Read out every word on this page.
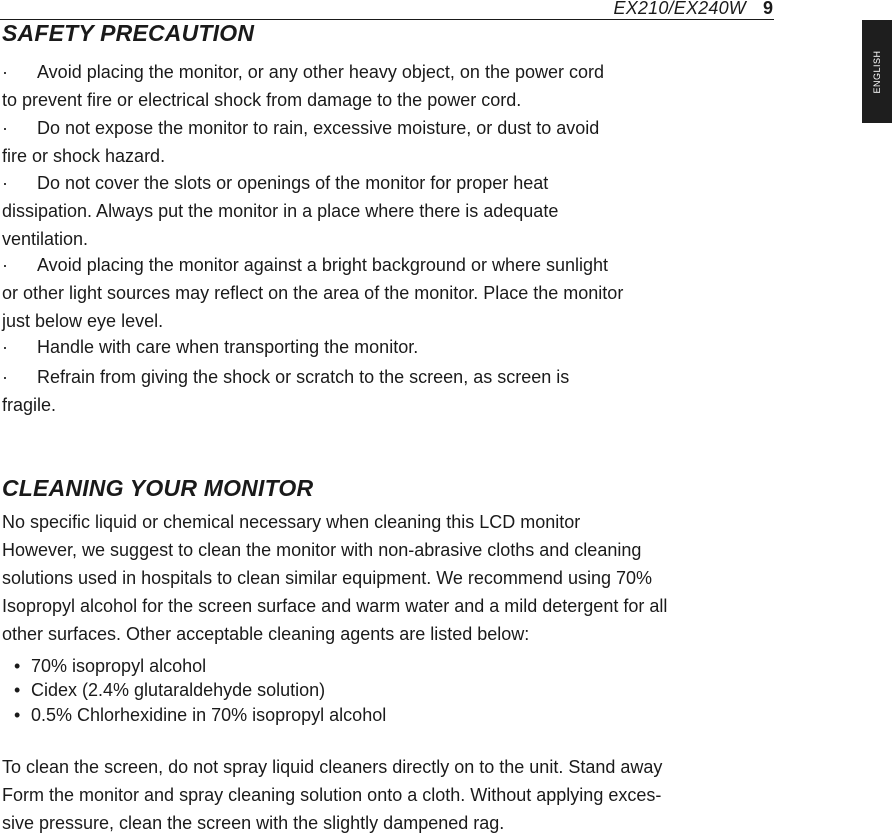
EX210/EX240W 9
ENGLISH
SAFETY PRECAUTION

· Avoid placing the monitor, or any other heavy object, on the power cord
to prevent fire or electrical shock from damage to the power cord.

· Do not expose the monitor to rain, excessive moisture, or dust to avoid
fire or shock hazard.

· Do not cover the slots or openings of the monitor for proper heat
dissipation. Always put the monitor in a place where there is adequate
ventilation.

· Avoid placing the monitor against a bright background or where sunlight
or other light sources may reflect on the area of the monitor. Place the monitor
just below eye level.

· Handle with care when transporting the monitor.

· Refrain from giving the shock or scratch to the screen, as screen is
fragile.

CLEANING YOUR MONITOR

No specific liquid or chemical necessary when cleaning this LCD monitor
However, we suggest to clean the monitor with non-abrasive cloths and cleaning
solutions used in hospitals to clean similar equipment. We recommend using 70%
Isopropyl alcohol for the screen surface and warm water and a mild detergent for all
other surfaces. Other acceptable cleaning agents are listed below:

• 70% isopropyl alcohol

• Cidex (2.4% glutaraldehyde solution)

• 0.5% Chlorhexidine in 70% isopropyl alcohol

To clean the screen, do not spray liquid cleaners directly on to the unit. Stand away
Form the monitor and spray cleaning solution onto a cloth. Without applying exces-
sive pressure, clean the screen with the slightly dampened rag.
